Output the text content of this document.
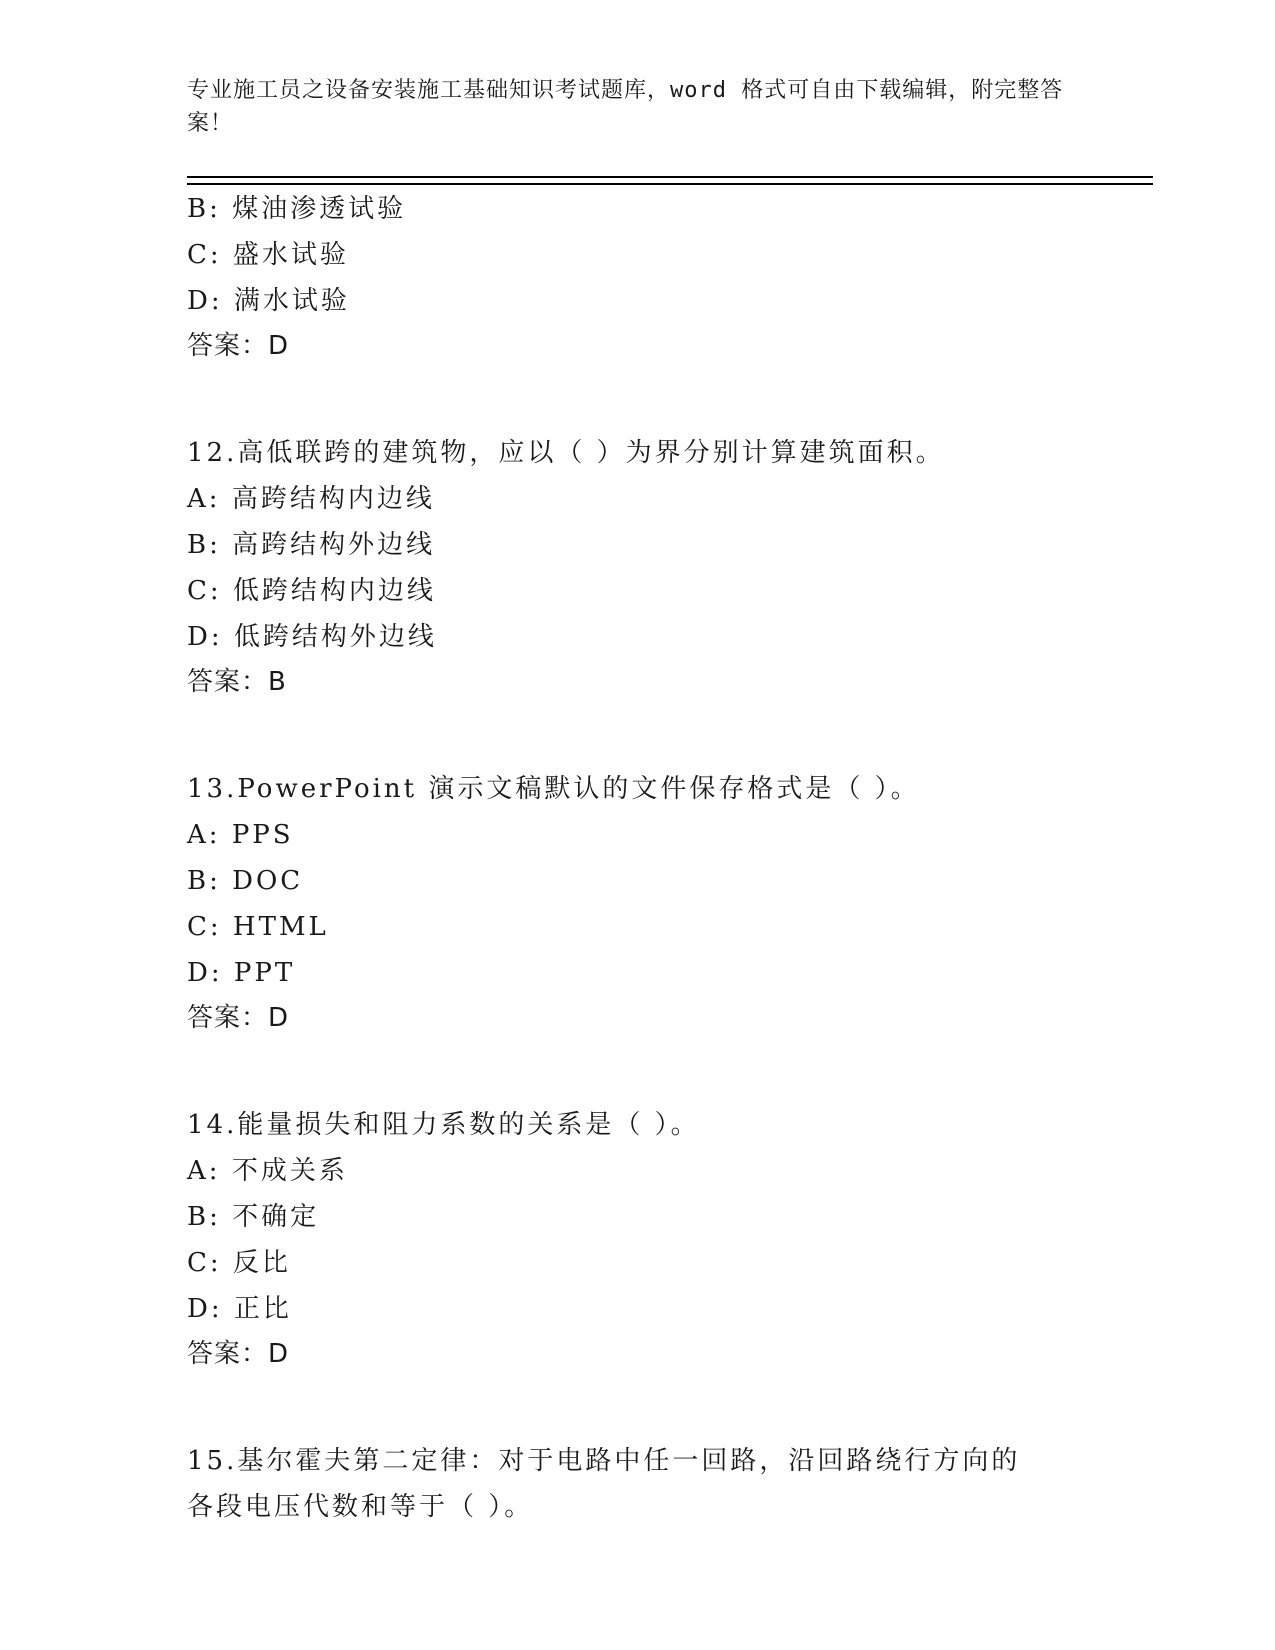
专业施工员之设备安装施工基础知识考试题库，word 格式可自由下载编辑，附完整答案！

B: 煤油渗透试验

C: 盛水试验

D: 满水试验

答案：D

12.高低联跨的建筑物，应以（ ）为界分别计算建筑面积。

A: 高跨结构内边线

B: 高跨结构外边线

C: 低跨结构内边线

D: 低跨结构外边线

答案：B

13.PowerPoint 演示文稿默认的文件保存格式是（ ）。

A: PPS

B: DOC

C: HTML

D: PPT

答案：D

14.能量损失和阻力系数的关系是（ ）。

A: 不成关系

B: 不确定

C: 反比

D: 正比

答案：D

15.基尔霍夫第二定律：对于电路中任一回路，沿回路绕行方向的各段电压代数和等于（ ）。
